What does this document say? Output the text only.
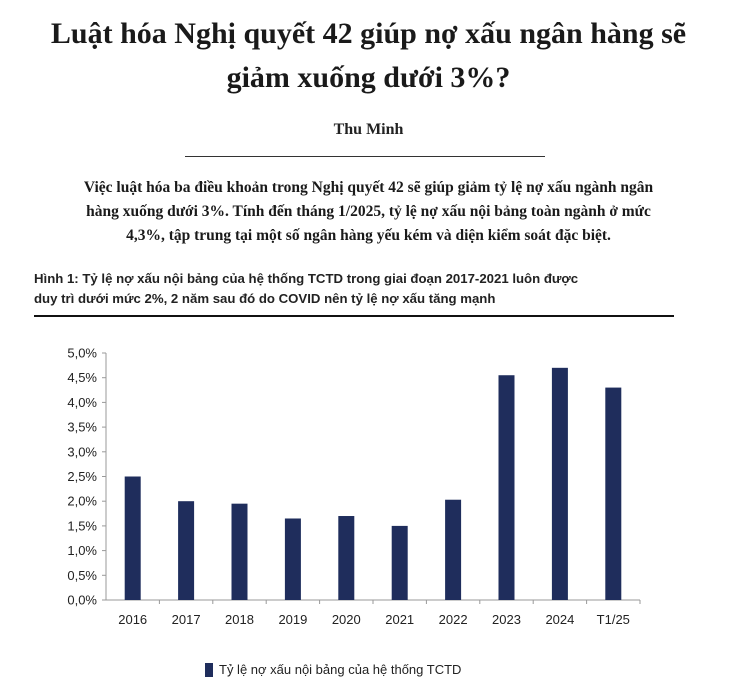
Luật hóa Nghị quyết 42 giúp nợ xấu ngân hàng sẽ
giảm xuống dưới 3%?
Thu Minh
Việc luật hóa ba điều khoản trong Nghị quyết 42 sẽ giúp giảm tỷ lệ nợ xấu ngành ngân
hàng xuống dưới 3%. Tính đến tháng 1/2025, tỷ lệ nợ xấu nội bảng toàn ngành ở mức
4,3%, tập trung tại một số ngân hàng yếu kém và diện kiểm soát đặc biệt.
Hình 1: Tỷ lệ nợ xấu nội bảng của hệ thống TCTD trong giai đoạn 2017-2021 luôn được
duy trì dưới mức 2%, 2 năm sau đó do COVID nên tỷ lệ nợ xấu tăng mạnh
0,0%
0,5%
1,0%
1,5%
2,0%
2,5%
3,0%
3,5%
4,0%
4,5%
5,0%
2016 2017 2018 2019 2020 2021 2022 2023 2024 T1/25
Tỷ lệ nợ xấu nội bảng của hệ thống TCTD
